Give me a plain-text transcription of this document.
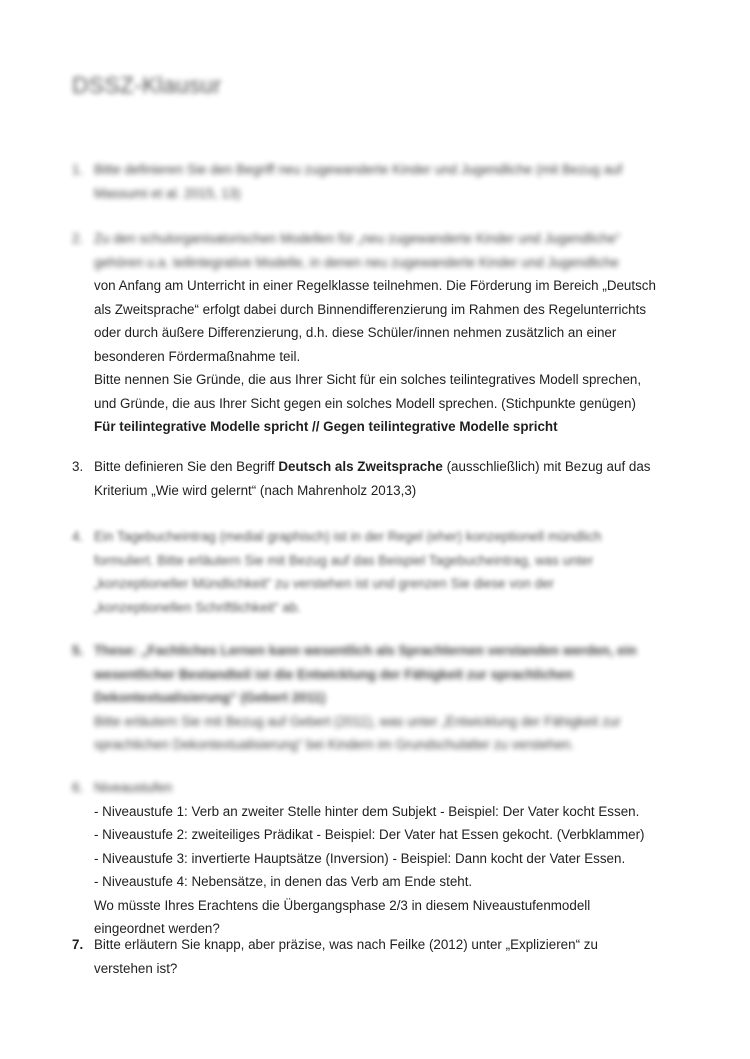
DSSZ-Klausur
1. Bitte definieren Sie den Begriff neu zugewanderte Kinder und Jugendliche (mit Bezug auf
Massumi et al. 2015, 13)
2. Zu den schulorganisatorischen Modellen für „neu zugewanderte Kinder und Jugendliche“
gehören u.a. teilintegrative Modelle, in denen neu zugewanderte Kinder und Jugendliche
von Anfang am Unterricht in einer Regelklasse teilnehmen. Die Förderung im Bereich „Deutsch
als Zweitsprache“ erfolgt dabei durch Binnendifferenzierung im Rahmen des Regelunterrichts
oder durch äußere Differenzierung, d.h. diese Schüler/innen nehmen zusätzlich an einer
besonderen Fördermaßnahme teil.
Bitte nennen Sie Gründe, die aus Ihrer Sicht für ein solches teilintegratives Modell sprechen,
und Gründe, die aus Ihrer Sicht gegen ein solches Modell sprechen. (Stichpunkte genügen)
Für teilintegrative Modelle spricht // Gegen teilintegrative Modelle spricht
3. Bitte definieren Sie den Begriff Deutsch als Zweitsprache (ausschließlich) mit Bezug auf das
Kriterium „Wie wird gelernt“ (nach Mahrenholz 2013,3)
4. Ein Tagebucheintrag (medial graphisch) ist in der Regel (eher) konzeptionell mündlich
formuliert. Bitte erläutern Sie mit Bezug auf das Beispiel Tagebucheintrag, was unter
„konzeptioneller Mündlichkeit“ zu verstehen ist und grenzen Sie diese von der
„konzeptionellen Schriftlichkeit“ ab.
5. These: „Fachliches Lernen kann wesentlich als Sprachlernen verstanden werden, ein
wesentlicher Bestandteil ist die Entwicklung der Fähigkeit zur sprachlichen
Dekontextualisierung“ (Gebert 2011)
Bitte erläutern Sie mit Bezug auf Gebert (2011), was unter „Entwicklung der Fähigkeit zur
sprachlichen Dekontextualisierung“ bei Kindern im Grundschulalter zu verstehen.
6. Niveaustufen
- Niveaustufe 1: Verb an zweiter Stelle hinter dem Subjekt - Beispiel: Der Vater kocht Essen.
- Niveaustufe 2: zweiteiliges Prädikat - Beispiel: Der Vater hat Essen gekocht. (Verbklammer)
- Niveaustufe 3: invertierte Hauptsätze (Inversion) - Beispiel: Dann kocht der Vater Essen.
- Niveaustufe 4: Nebensätze, in denen das Verb am Ende steht.
Wo müsste Ihres Erachtens die Übergangsphase 2/3 in diesem Niveaustufenmodell
eingeordnet werden?
7. Bitte erläutern Sie knapp, aber präzise, was nach Feilke (2012) unter „Explizieren“ zu
verstehen ist?
